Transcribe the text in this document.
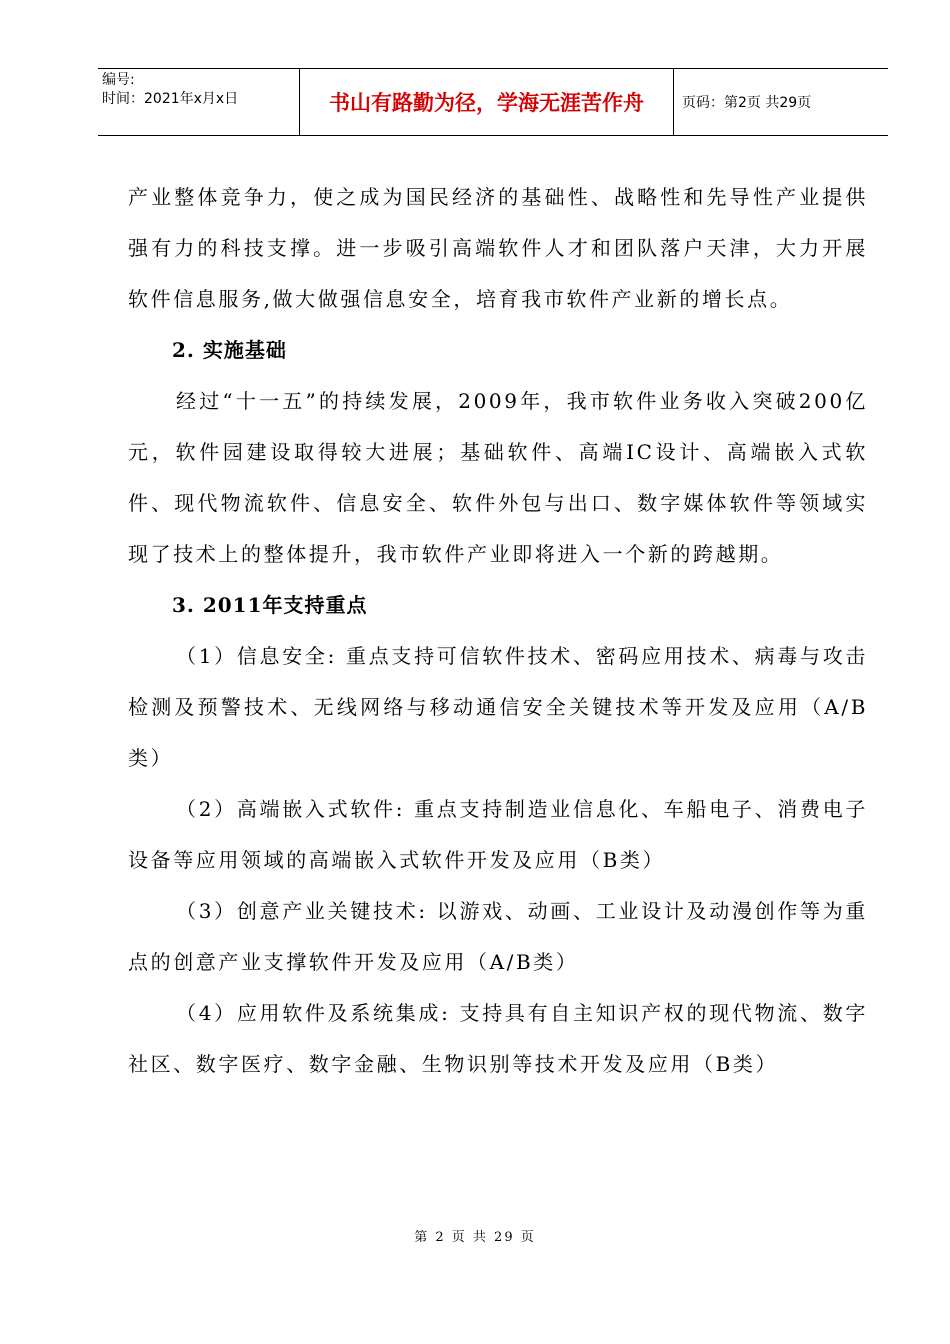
编号:
时间：2021年x月x日	书山有路勤为径，学海无涯苦作舟	页码：第2页 共29页

产业整体竞争力，使之成为国民经济的基础性、战略性和先导性产业提供强有力的科技支撑。进一步吸引高端软件人才和团队落户天津，大力开展软件信息服务,做大做强信息安全，培育我市软件产业新的增长点。

2. 实施基础

经过“十一五”的持续发展，2009年，我市软件业务收入突破200亿元，软件园建设取得较大进展；基础软件、高端IC设计、高端嵌入式软件、现代物流软件、信息安全、软件外包与出口、数字媒体软件等领域实现了技术上的整体提升，我市软件产业即将进入一个新的跨越期。

3. 2011年支持重点

（1）信息安全: 重点支持可信软件技术、密码应用技术、病毒与攻击检测及预警技术、无线网络与移动通信安全关键技术等开发及应用（A/B类）

（2）高端嵌入式软件: 重点支持制造业信息化、车船电子、消费电子设备等应用领域的高端嵌入式软件开发及应用（B类）

（3）创意产业关键技术: 以游戏、动画、工业设计及动漫创作等为重点的创意产业支撑软件开发及应用（A/B类）

（4）应用软件及系统集成: 支持具有自主知识产权的现代物流、数字社区、数字医疗、数字金融、生物识别等技术开发及应用（B类）

第 2 页 共 29 页
